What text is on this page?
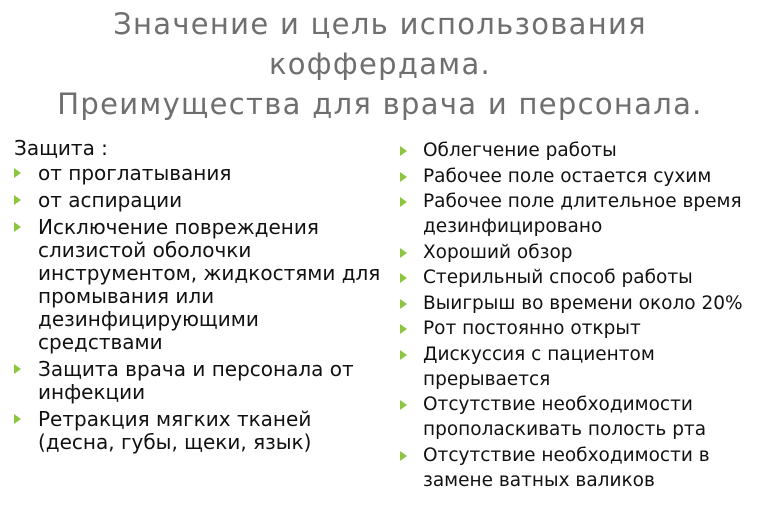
Значение и цель использования
коффердама.
Преимущества для врача и персонала.
Защита :
от проглатывания
от аспирации
Исключение повреждения слизистой оболочки инструментом, жидкостями для промывания или дезинфицирующими средствами
Защита врача и персонала от инфекции
Ретракция мягких тканей (десна, губы, щеки, язык)
Облегчение работы
Рабочее поле остается сухим
Рабочее поле длительное время дезинфицировано
Хороший обзор
Стерильный способ работы
Выигрыш во времени около 20%
Рот постоянно открыт
Дискуссия с пациентом прерывается
Отсутствие необходимости прополаскивать полость рта
Отсутствие необходимости в замене ватных валиков
